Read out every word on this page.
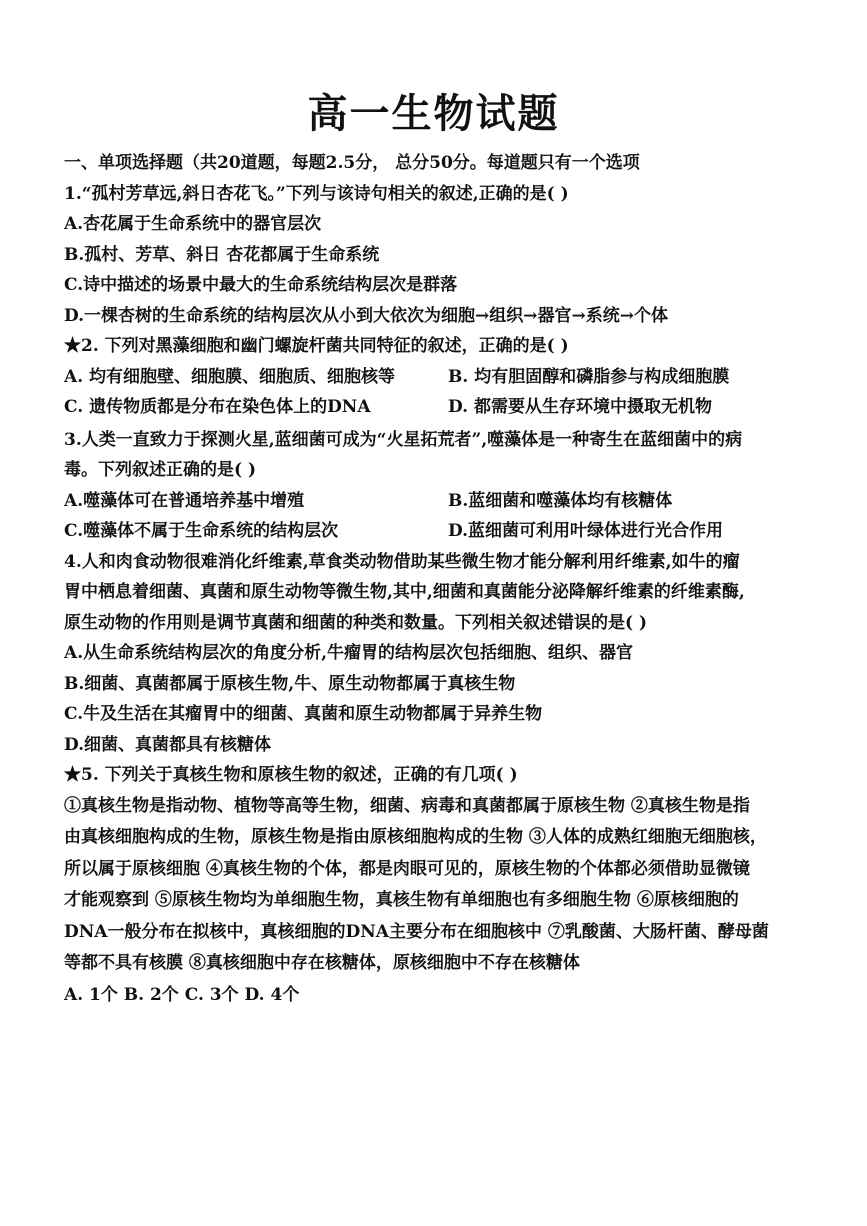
高一生物试题
一、单项选择题（共20道题，每题2.5分， 总分50分。每道题只有一个选项
1.“孤村芳草远,斜日杏花飞。”下列与该诗句相关的叙述,正确的是( )
A.杏花属于生命系统中的器官层次
B.孤村、芳草、斜日 杏花都属于生命系统
C.诗中描述的场景中最大的生命系统结构层次是群落
D.一棵杏树的生命系统的结构层次从小到大依次为细胞→组织→器官→系统→个体
★2. 下列对黑藻细胞和幽门螺旋杆菌共同特征的叙述，正确的是( )
A. 均有细胞壁、细胞膜、细胞质、细胞核等	B. 均有胆固醇和磷脂参与构成细胞膜
C. 遗传物质都是分布在染色体上的DNA	D. 都需要从生存环境中摄取无机物
3.人类一直致力于探测火星,蓝细菌可成为“火星拓荒者”,噬藻体是一种寄生在蓝细菌中的病
毒。下列叙述正确的是( )
A.噬藻体可在普通培养基中增殖	B.蓝细菌和噬藻体均有核糖体
C.噬藻体不属于生命系统的结构层次	D.蓝细菌可利用叶绿体进行光合作用
4.人和肉食动物很难消化纤维素,草食类动物借助某些微生物才能分解利用纤维素,如牛的瘤
胃中栖息着细菌、真菌和原生动物等微生物,其中,细菌和真菌能分泌降解纤维素的纤维素酶,
原生动物的作用则是调节真菌和细菌的种类和数量。下列相关叙述错误的是( )
A.从生命系统结构层次的角度分析,牛瘤胃的结构层次包括细胞、组织、器官
B.细菌、真菌都属于原核生物,牛、原生动物都属于真核生物
C.牛及生活在其瘤胃中的细菌、真菌和原生动物都属于异养生物
D.细菌、真菌都具有核糖体
★5. 下列关于真核生物和原核生物的叙述，正确的有几项( )
①真核生物是指动物、植物等高等生物，细菌、病毒和真菌都属于原核生物 ②真核生物是指
由真核细胞构成的生物，原核生物是指由原核细胞构成的生物 ③人体的成熟红细胞无细胞核，
所以属于原核细胞 ④真核生物的个体，都是肉眼可见的，原核生物的个体都必须借助显微镜
才能观察到 ⑤原核生物均为单细胞生物，真核生物有单细胞也有多细胞生物 ⑥原核细胞的
DNA一般分布在拟核中，真核细胞的DNA主要分布在细胞核中 ⑦乳酸菌、大肠杆菌、酵母菌
等都不具有核膜 ⑧真核细胞中存在核糖体，原核细胞中不存在核糖体
A. 1个 B. 2个 C. 3个 D. 4个
